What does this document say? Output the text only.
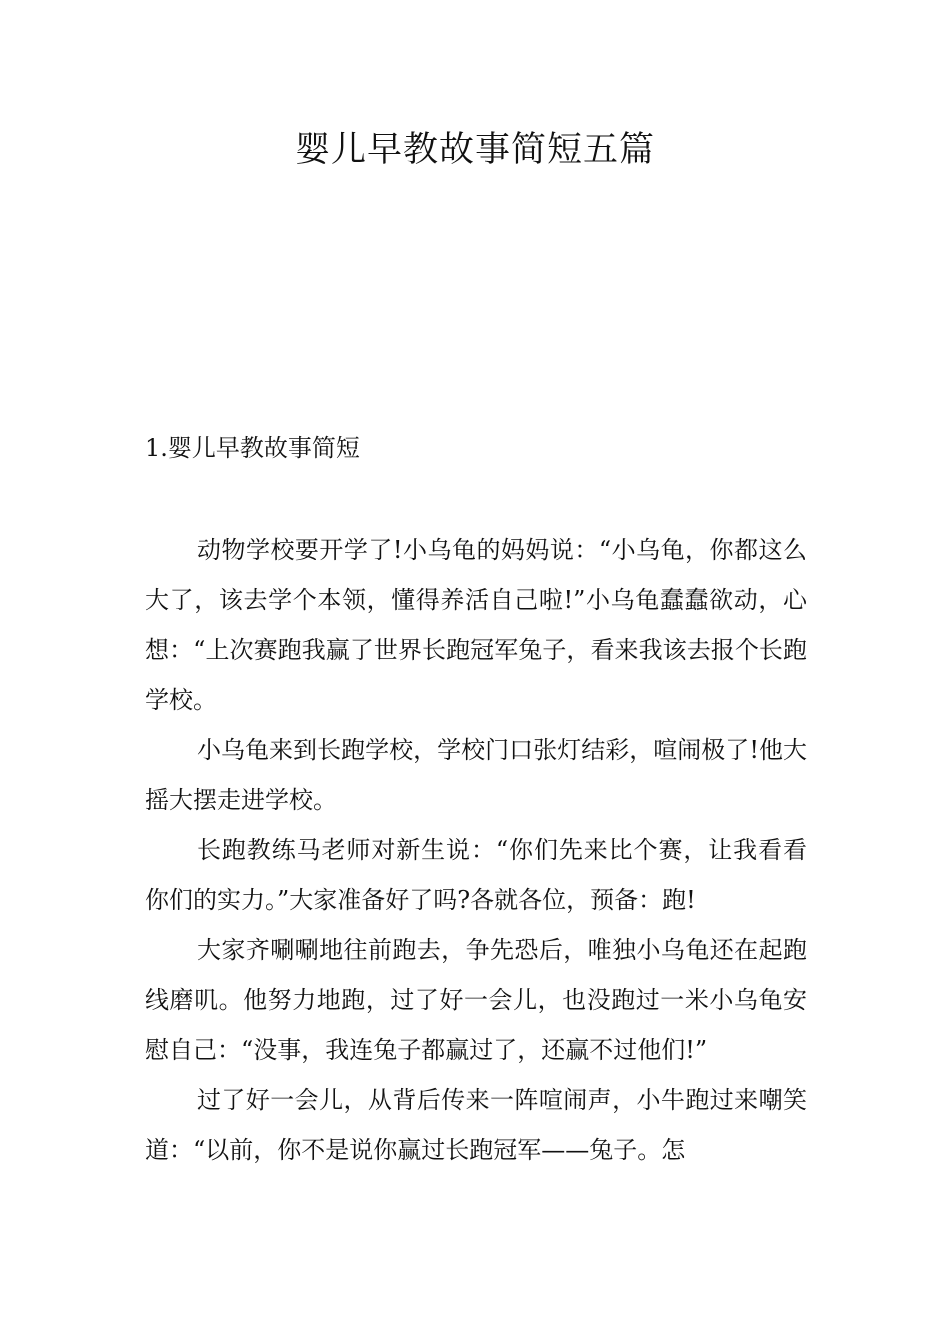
婴儿早教故事简短五篇
1.婴儿早教故事简短

动物学校要开学了!小乌龟的妈妈说：“小乌龟，你都这么大了，该去学个本领，懂得养活自己啦!”小乌龟蠢蠢欲动，心想：“上次赛跑我赢了世界长跑冠军兔子，看来我该去报个长跑学校。

小乌龟来到长跑学校，学校门口张灯结彩，喧闹极了!他大摇大摆走进学校。

长跑教练马老师对新生说：“你们先来比个赛，让我看看你们的实力。”大家准备好了吗?各就各位，预备：跑!

大家齐唰唰地往前跑去，争先恐后，唯独小乌龟还在起跑线磨叽。他努力地跑，过了好一会儿，也没跑过一米小乌龟安慰自己：“没事，我连兔子都赢过了，还赢不过他们!”

过了好一会儿，从背后传来一阵喧闹声，小牛跑过来嘲笑道：“以前，你不是说你赢过长跑冠军——兔子。怎
